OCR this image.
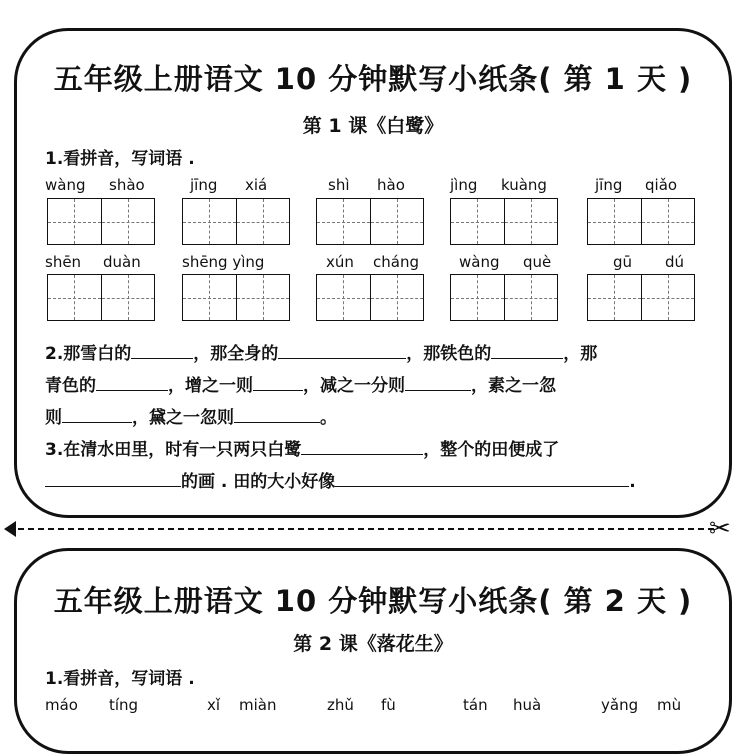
五年级上册语文 10 分钟默写小纸条( 第 1 天 )
第 1 课《白鹭》
1.看拼音，写词语 .
wàng shào	jīng xiá	shì hào	jìng kuàng	jīng qiǎo
shēn duàn	shēng yìng	xún cháng	wàng què	gū dú
2.那雪白的	，那全身的	，那铁色的	，那
青色的	，增之一则	，减之一分则	，素之一忽
则	，黛之一忽则	。
3.在清水田里，时有一只两只白鹭	，整个的田便成了
的画 . 田的大小好像	.
✂
五年级上册语文 10 分钟默写小纸条( 第 2 天 )
第 2 课《落花生》
1.看拼音，写词语 .
máo tíng	xǐ miàn	zhǔ fù	tán huà	yǎng mù
